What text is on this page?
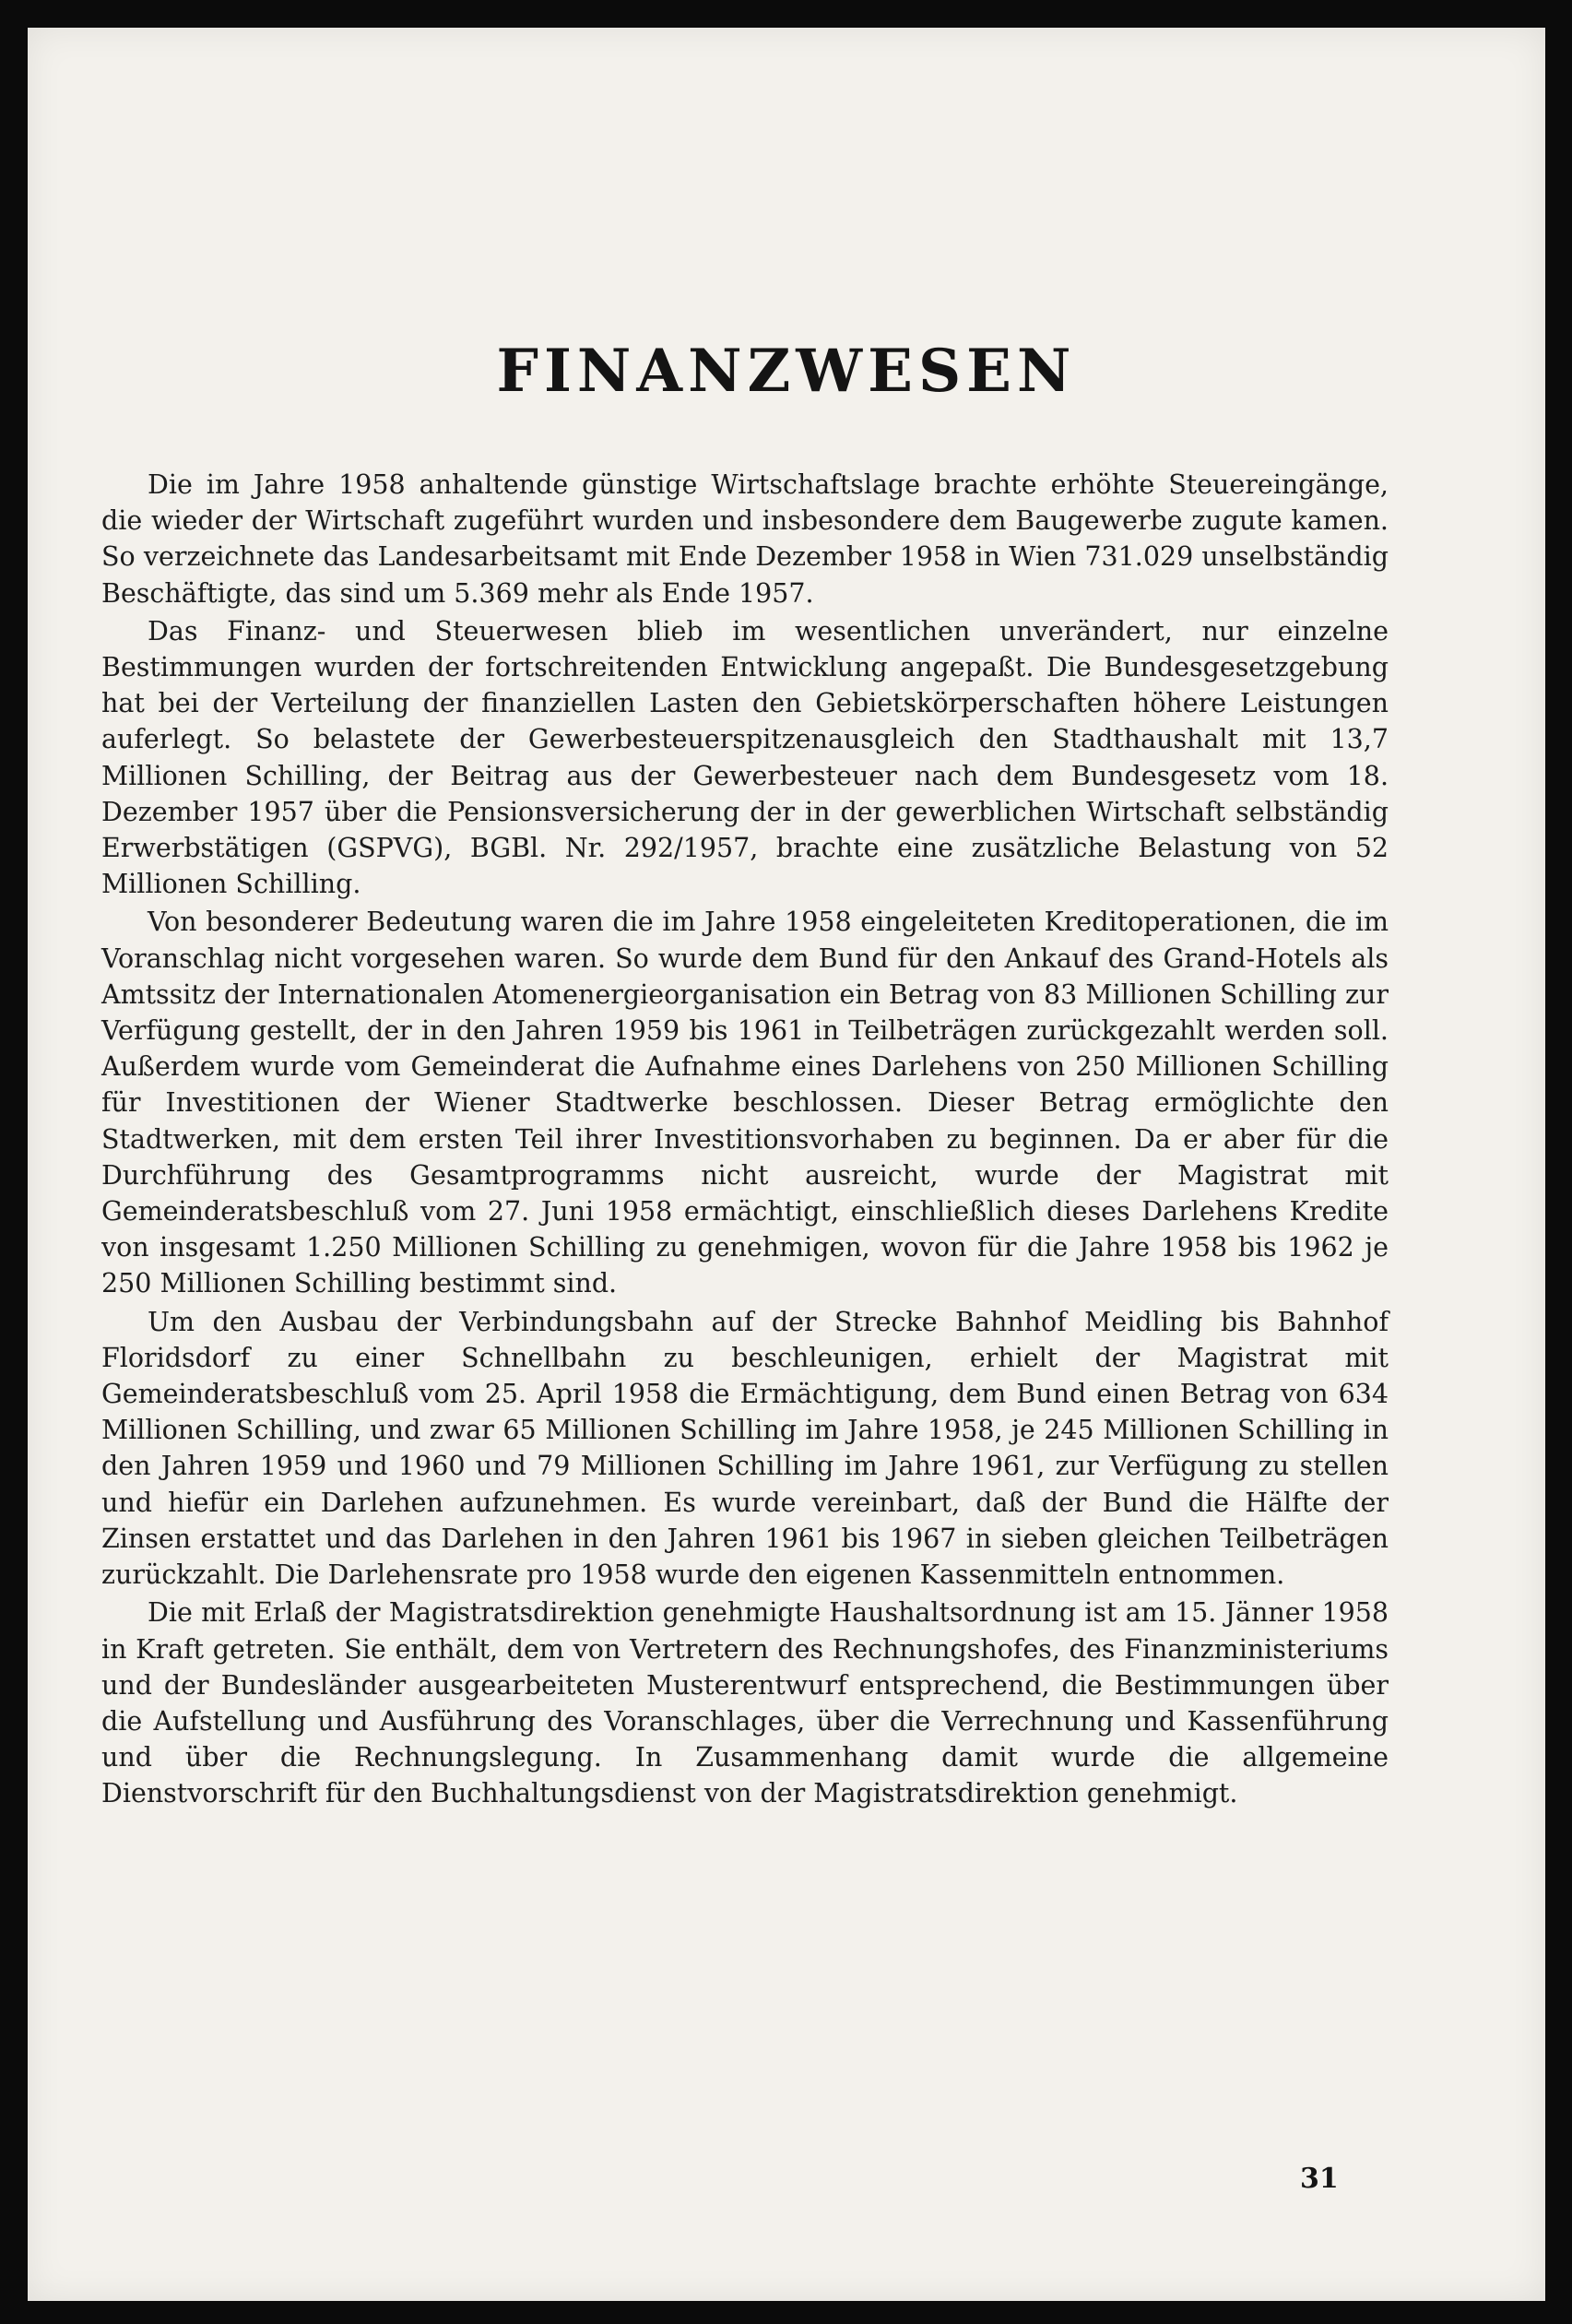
FINANZWESEN

Die im Jahre 1958 anhaltende günstige Wirtschaftslage brachte erhöhte Steuereingänge, die wieder der Wirtschaft zugeführt wurden und insbesondere dem Baugewerbe zugute kamen. So verzeichnete das Landesarbeitsamt mit Ende Dezember 1958 in Wien 731.029 unselbständig Beschäftigte, das sind um 5.369 mehr als Ende 1957.

Das Finanz- und Steuerwesen blieb im wesentlichen unverändert, nur einzelne Bestimmungen wurden der fortschreitenden Entwicklung angepaßt. Die Bundesgesetzgebung hat bei der Verteilung der finanziellen Lasten den Gebietskörperschaften höhere Leistungen auferlegt. So belastete der Gewerbesteuerspitzenausgleich den Stadthaushalt mit 13,7 Millionen Schilling, der Beitrag aus der Gewerbesteuer nach dem Bundesgesetz vom 18. Dezember 1957 über die Pensionsversicherung der in der gewerblichen Wirtschaft selbständig Erwerbstätigen (GSPVG), BGBl. Nr. 292/1957, brachte eine zusätzliche Belastung von 52 Millionen Schilling.

Von besonderer Bedeutung waren die im Jahre 1958 eingeleiteten Kreditoperationen, die im Voranschlag nicht vorgesehen waren. So wurde dem Bund für den Ankauf des Grand-Hotels als Amtssitz der Internationalen Atomenergieorganisation ein Betrag von 83 Millionen Schilling zur Verfügung gestellt, der in den Jahren 1959 bis 1961 in Teilbeträgen zurückgezahlt werden soll. Außerdem wurde vom Gemeinderat die Aufnahme eines Darlehens von 250 Millionen Schilling für Investitionen der Wiener Stadtwerke beschlossen. Dieser Betrag ermöglichte den Stadtwerken, mit dem ersten Teil ihrer Investitionsvorhaben zu beginnen. Da er aber für die Durchführung des Gesamtprogramms nicht ausreicht, wurde der Magistrat mit Gemeinderatsbeschluß vom 27. Juni 1958 ermächtigt, einschließlich dieses Darlehens Kredite von insgesamt 1.250 Millionen Schilling zu genehmigen, wovon für die Jahre 1958 bis 1962 je 250 Millionen Schilling bestimmt sind.

Um den Ausbau der Verbindungsbahn auf der Strecke Bahnhof Meidling bis Bahnhof Floridsdorf zu einer Schnellbahn zu beschleunigen, erhielt der Magistrat mit Gemeinderatsbeschluß vom 25. April 1958 die Ermächtigung, dem Bund einen Betrag von 634 Millionen Schilling, und zwar 65 Millionen Schilling im Jahre 1958, je 245 Millionen Schilling in den Jahren 1959 und 1960 und 79 Millionen Schilling im Jahre 1961, zur Verfügung zu stellen und hiefür ein Darlehen aufzunehmen. Es wurde vereinbart, daß der Bund die Hälfte der Zinsen erstattet und das Darlehen in den Jahren 1961 bis 1967 in sieben gleichen Teilbeträgen zurückzahlt. Die Darlehensrate pro 1958 wurde den eigenen Kassenmitteln entnommen.

Die mit Erlaß der Magistratsdirektion genehmigte Haushaltsordnung ist am 15. Jänner 1958 in Kraft getreten. Sie enthält, dem von Vertretern des Rechnungshofes, des Finanzministeriums und der Bundesländer ausgearbeiteten Musterentwurf entsprechend, die Bestimmungen über die Aufstellung und Ausführung des Voranschlages, über die Verrechnung und Kassenführung und über die Rechnungslegung. In Zusammenhang damit wurde die allgemeine Dienstvorschrift für den Buchhaltungsdienst von der Magistratsdirektion genehmigt.

31
